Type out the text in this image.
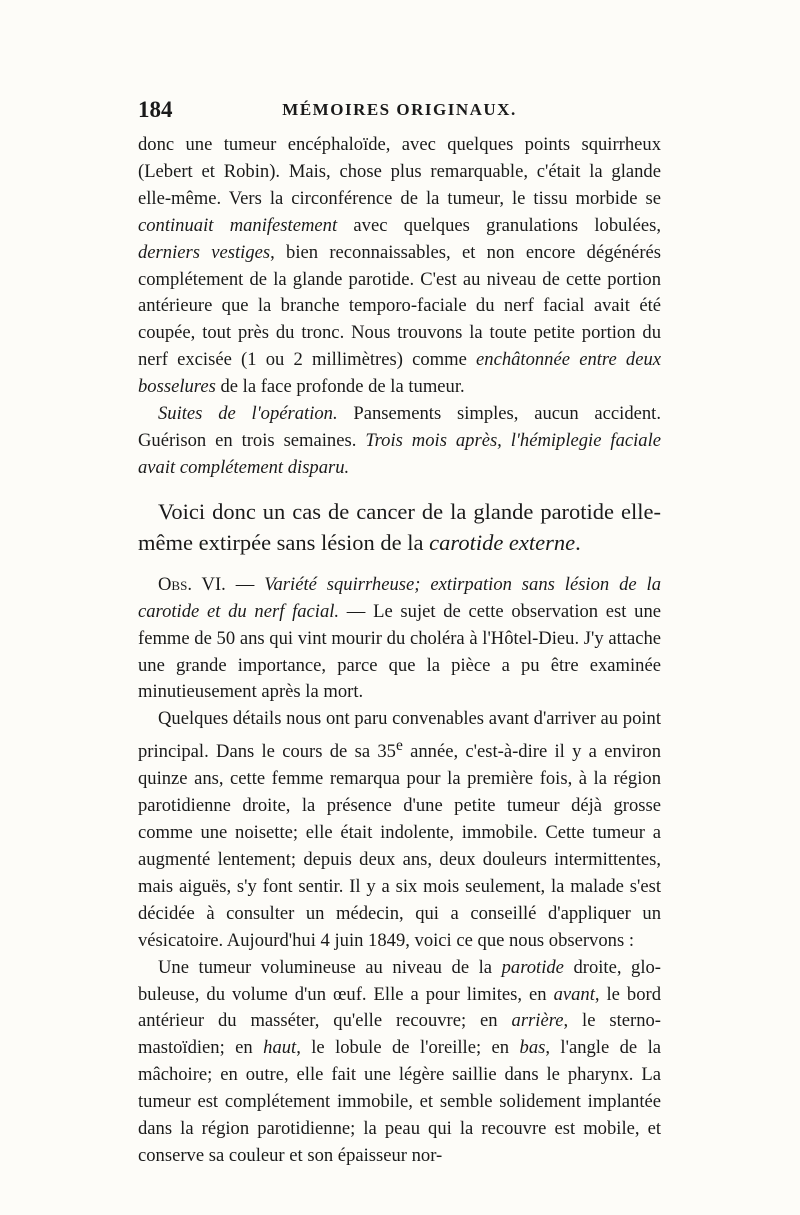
184	MÉMOIRES ORIGINAUX.

donc une tumeur encéphaloïde, avec quelques points squirrheux (Lebert et Robin). Mais, chose plus remarquable, c'était la glande elle-même. Vers la circonférence de la tumeur, le tissu morbide se continuait manifestement avec quelques granulations lobulées, derniers vestiges, bien reconnaissables, et non encore dégénérés complétement de la glande parotide. C'est au niveau de cette portion antérieure que la branche temporo-faciale du nerf facial avait été coupée, tout près du tronc. Nous trouvons la toute petite portion du nerf excisée (1 ou 2 millimètres) comme enchâtonnée entre deux bosselures de la face profonde de la tumeur.

Suites de l'opération. Pansements simples, aucun accident. Guérison en trois semaines. Trois mois après, l'hémiplegie faciale avait complétement disparu.

Voici donc un cas de cancer de la glande parotide elle-même extirpée sans lésion de la carotide externe.

Obs. VI. — Variété squirrheuse; extirpation sans lésion de la carotide et du nerf facial. — Le sujet de cette observation est une femme de 50 ans qui vint mourir du choléra à l'Hôtel-Dieu. J'y attache une grande importance, parce que la pièce a pu être examinée minutieusement après la mort.

Quelques détails nous ont paru convenables avant d'arriver au point principal. Dans le cours de sa 35e année, c'est-à-dire il y a environ quinze ans, cette femme remarqua pour la première fois, à la région parotidienne droite, la présence d'une petite tumeur déjà grosse comme une noisette; elle était indolente, immobile. Cette tumeur a augmenté lentement; depuis deux ans, deux douleurs intermittentes, mais aiguës, s'y font sentir. Il y a six mois seulement, la malade s'est décidée à consulter un médecin, qui a conseillé d'appliquer un vésicatoire. Aujourd'hui 4 juin 1849, voici ce que nous observons :

Une tumeur volumineuse au niveau de la parotide droite, globuleuse, du volume d'un œuf. Elle a pour limites, en avant, le bord antérieur du masséter, qu'elle recouvre; en arrière, le sterno-mastoïdien; en haut, le lobule de l'oreille; en bas, l'angle de la mâchoire; en outre, elle fait une légère saillie dans le pharynx. La tumeur est complétement immobile, et semble solidement implantée dans la région parotidienne; la peau qui la recouvre est mobile, et conserve sa couleur et son épaisseur nor-
